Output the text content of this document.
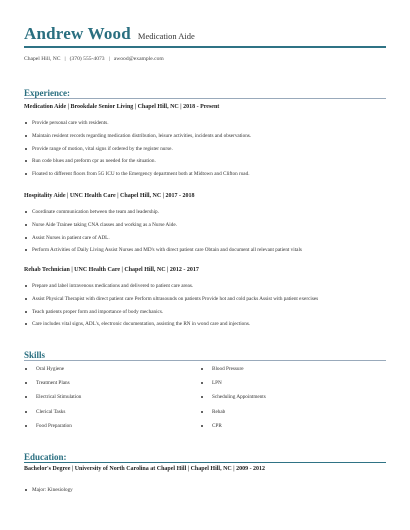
Andrew Wood Medication Aide
Chapel Hill, NC | (370) 555-4073 | awood@example.com
Experience:
Medication Aide | Brookdale Senior Living | Chapel Hill, NC | 2018 - Present
Provide personal care with residents.
Maintain resident records regarding medication distribution, leisure activities, incidents and observations.
Provide range of motion, vital signs if ordered by the register nurse.
Run code blues and preform cpr as needed for the situation.
Floated to different floors from 5G ICU to the Emergency department both at Midtown and Clifton road.
Hospitality Aide | UNC Health Care | Chapel Hill, NC | 2017 - 2018
Coordinate communication between the team and leadership.
Nurse Aide Trainee taking CNA classes and working as a Nurse Aide.
Assist Nurses in patient care of ADL.
Perform Activities of Daily Living Assist Nurses and MD's with direct patient care Obtain and document all relevant patient vitals
Rehab Technician | UNC Health Care | Chapel Hill, NC | 2012 - 2017
Prepare and label intravenous medications and delivered to patient care areas.
Assist Physical Therapist with direct patient care Perform ultrasounds on patients Provide hot and cold packs Assist with patient exercises
Teach patients proper form and importance of body mechanics.
Care includes vital signs, ADL's, electronic documentation, assisting the RN in wond care and injections.
Skills
Oral Hygiene
Treatment Plans
Electrical Stimulation
Clerical Tasks
Food Preparation
Blood Pressure
LPN
Scheduling Appointments
Rehab
CPR
Education:
Bachelor's Degree | University of North Carolina at Chapel Hill | Chapel Hill, NC | 2009 - 2012
Major: Kinesiology
